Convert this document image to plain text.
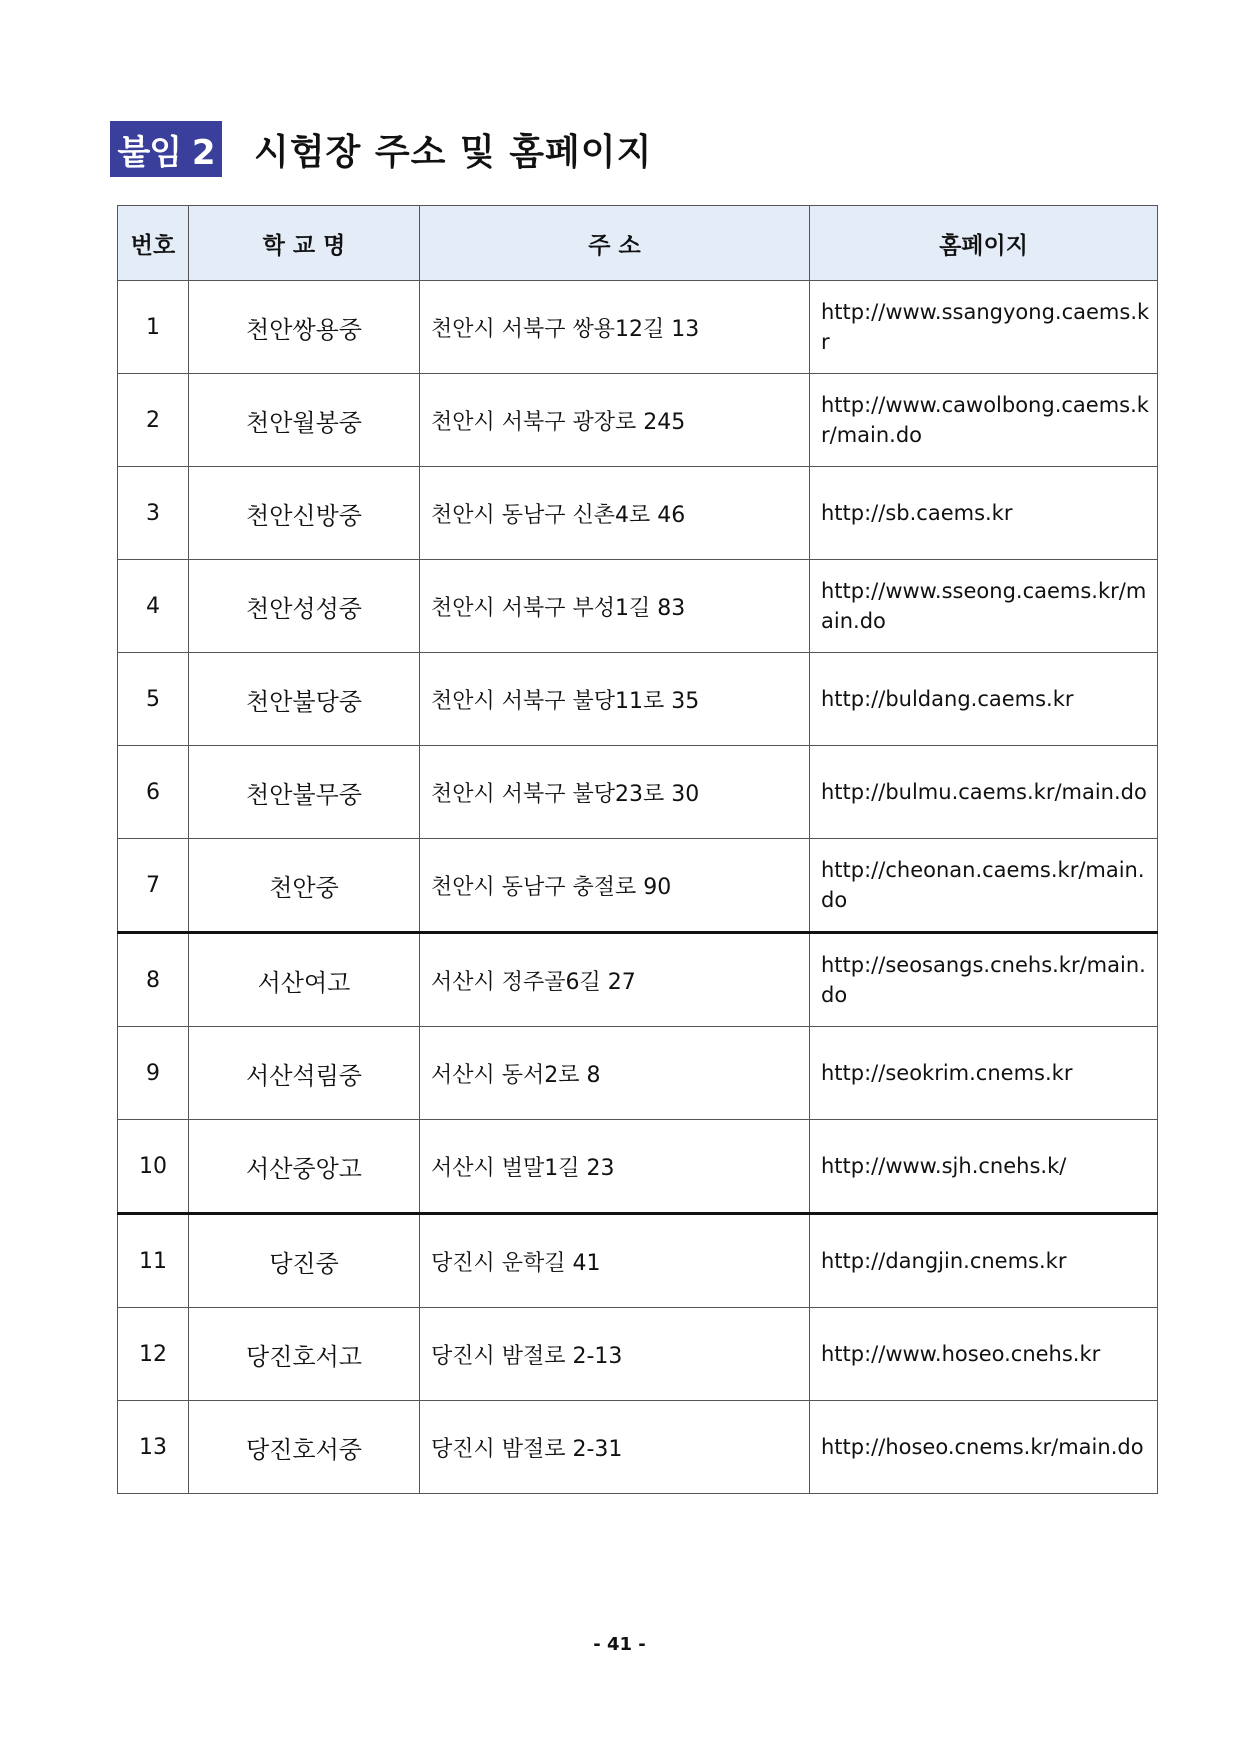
붙임 2 시험장 주소 및 홈페이지
번호	학 교 명	주 소	홈페이지
1	천안쌍용중	천안시 서북구 쌍용12길 13	http://www.ssangyong.caems.kr
2	천안월봉중	천안시 서북구 광장로 245	http://www.cawolbong.caems.kr/main.do
3	천안신방중	천안시 동남구 신촌4로 46	http://sb.caems.kr
4	천안성성중	천안시 서북구 부성1길 83	http://www.sseong.caems.kr/main.do
5	천안불당중	천안시 서북구 불당11로 35	http://buldang.caems.kr
6	천안불무중	천안시 서북구 불당23로 30	http://bulmu.caems.kr/main.do
7	천안중	천안시 동남구 충절로 90	http://cheonan.caems.kr/main.do
8	서산여고	서산시 정주골6길 27	http://seosangs.cnehs.kr/main.do
9	서산석림중	서산시 동서2로 8	http://seokrim.cnems.kr
10	서산중앙고	서산시 벌말1길 23	http://www.sjh.cnehs.k/
11	당진중	당진시 운학길 41	http://dangjin.cnems.kr
12	당진호서고	당진시 밤절로 2-13	http://www.hoseo.cnehs.kr
13	당진호서중	당진시 밤절로 2-31	http://hoseo.cnems.kr/main.do
- 41 -
